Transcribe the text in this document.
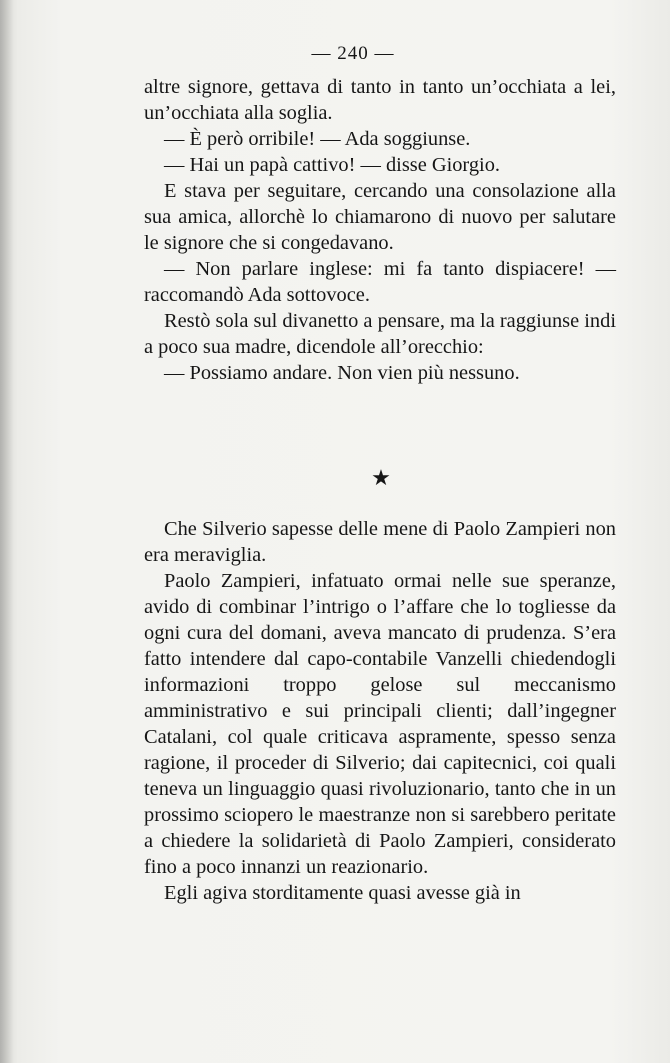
— 240 —

altre signore, gettava di tanto in tanto un’occhiata a lei, un’occhiata alla soglia.

— È però orribile! — Ada soggiunse.

— Hai un papà cattivo! — disse Giorgio.

E stava per seguitare, cercando una consolazione alla sua amica, allorchè lo chiamarono di nuovo per salutare le signore che si congedavano.

— Non parlare inglese: mi fa tanto dispiacere! — raccomandò Ada sottovoce.

Restò sola sul divanetto a pensare, ma la raggiunse indi a poco sua madre, dicendole all’orecchio:

— Possiamo andare. Non vien più nessuno.

★

Che Silverio sapesse delle mene di Paolo Zampieri non era meraviglia.

Paolo Zampieri, infatuato ormai nelle sue speranze, avido di combinar l’intrigo o l’affare che lo togliesse da ogni cura del domani, aveva mancato di prudenza. S’era fatto intendere dal capo-contabile Vanzelli chiedendogli informazioni troppo gelose sul meccanismo amministrativo e sui principali clienti; dall’ingegner Catalani, col quale criticava aspramente, spesso senza ragione, il proceder di Silverio; dai capitecnici, coi quali teneva un linguaggio quasi rivoluzionario, tanto che in un prossimo sciopero le maestranze non si sarebbero peritate a chiedere la solidarietà di Paolo Zampieri, considerato fino a poco innanzi un reazionario.

Egli agiva storditamente quasi avesse già in
